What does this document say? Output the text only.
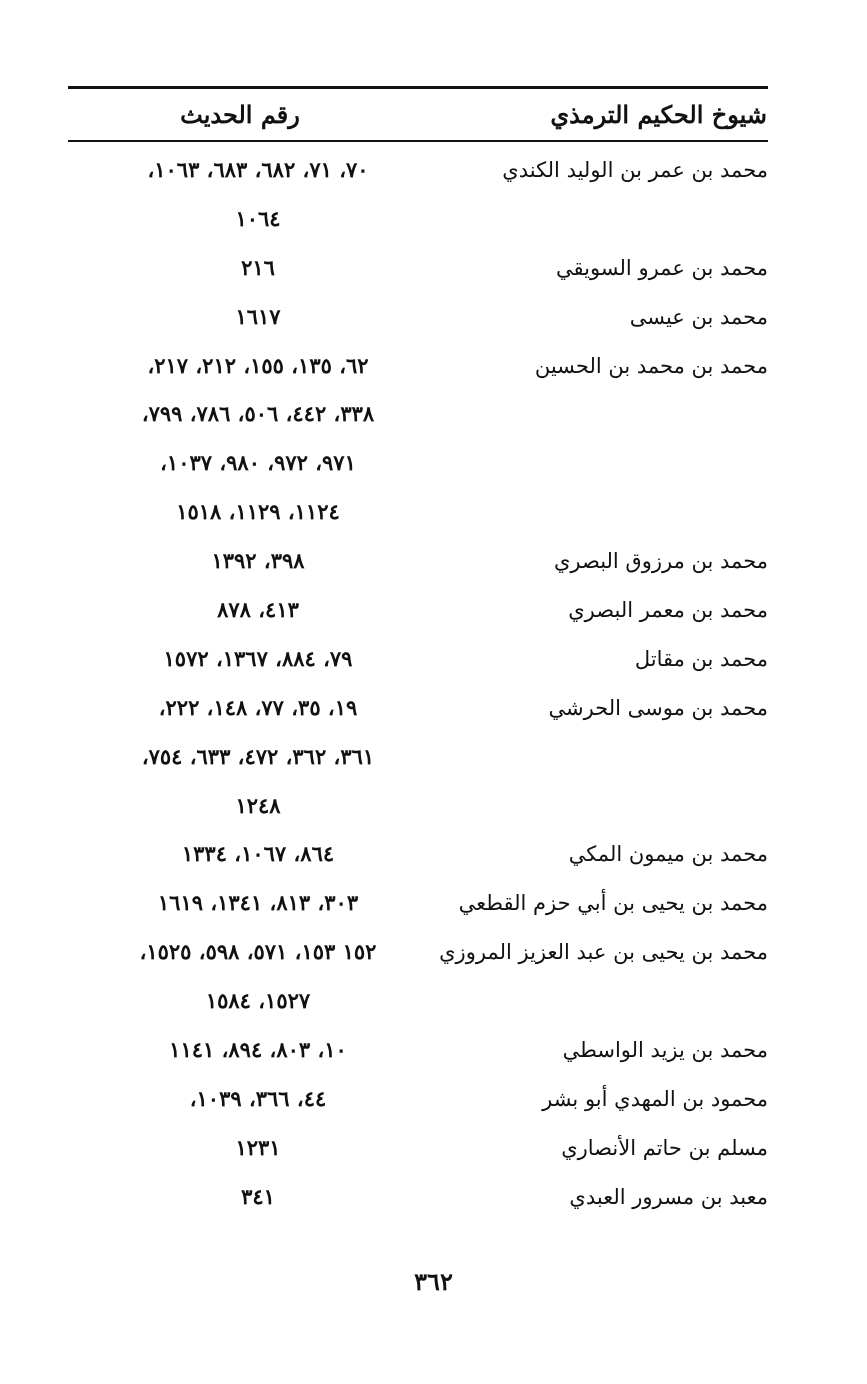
شيوخ الحكيم الترمذي
رقم الحديث
محمد بن عمر بن الوليد الكندي
٧٠، ٧١، ٦٨٢، ٦٨٣، ١٠٦٣،
١٠٦٤
محمد بن عمرو السويقي
٢١٦
محمد بن عيسى
١٦١٧
محمد بن محمد بن الحسين
٦٢، ١٣٥، ١٥٥، ٢١٢، ٢١٧،
٣٣٨، ٤٤٢، ٥٠٦، ٧٨٦، ٧٩٩،
٩٧١، ٩٧٢، ٩٨٠، ١٠٣٧،
١١٢٤، ١١٢٩، ١٥١٨
محمد بن مرزوق البصري
٣٩٨، ١٣٩٢
محمد بن معمر البصري
٤١٣، ٨٧٨
محمد بن مقاتل
٧٩، ٨٨٤، ١٣٦٧، ١٥٧٢
محمد بن موسى الحرشي
١٩، ٣٥، ٧٧، ١٤٨، ٢٢٢،
٣٦١، ٣٦٢، ٤٧٢، ٦٣٣، ٧٥٤،
١٢٤٨
محمد بن ميمون المكي
٨٦٤، ١٠٦٧، ١٣٣٤
محمد بن يحيى بن أبي حزم القطعي
٣٠٣، ٨١٣، ١٣٤١، ١٦١٩
محمد بن يحيى بن عبد العزيز المروزي
١٥٢ ١٥٣، ٥٧١، ٥٩٨، ١٥٢٥،
١٥٢٧، ١٥٨٤
محمد بن يزيد الواسطي
١٠، ٨٠٣، ٨٩٤، ١١٤١
محمود بن المهدي أبو بشر
٤٤، ٣٦٦، ١٠٣٩،
مسلم بن حاتم الأنصاري
١٢٣١
معبد بن مسرور العبدي
٣٤١
٣٦٢
